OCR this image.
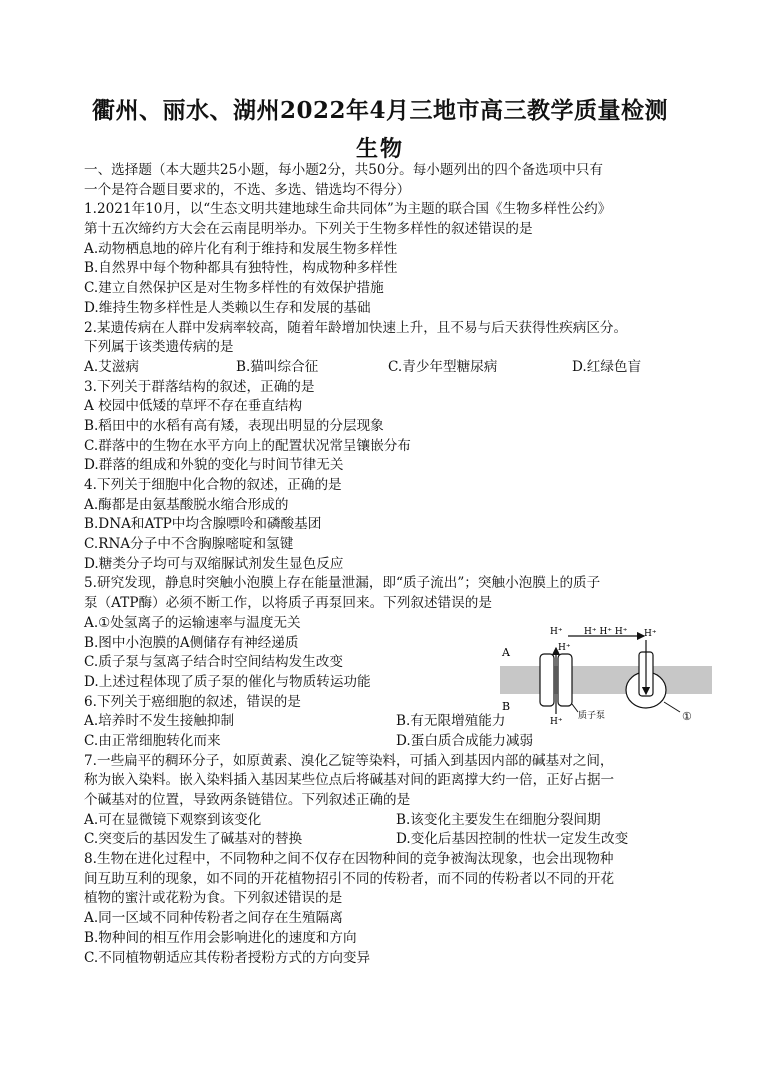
衢州、丽水、湖州2022年4月三地市高三教学质量检测
生物
一、选择题（本大题共25小题，每小题2分，共50分。每小题列出的四个备选项中只有
一个是符合题目要求的，不选、多选、错选均不得分）
1.2021年10月，以“生态文明共建地球生命共同体”为主题的联合国《生物多样性公约》
第十五次缔约方大会在云南昆明举办。下列关于生物多样性的叙述错误的是
A.动物栖息地的碎片化有利于维持和发展生物多样性
B.自然界中每个物种都具有独特性，构成物种多样性
C.建立自然保护区是对生物多样性的有效保护措施
D.维持生物多样性是人类赖以生存和发展的基础
2.某遗传病在人群中发病率较高，随着年龄增加快速上升，且不易与后天获得性疾病区分。
下列属于该类遗传病的是
A.艾滋病	B.猫叫综合征	C.青少年型糖尿病	D.红绿色盲
3.下列关于群落结构的叙述，正确的是
A 校园中低矮的草坪不存在垂直结构
B.稻田中的水稻有高有矮，表现出明显的分层现象
C.群落中的生物在水平方向上的配置状况常呈镶嵌分布
D.群落的组成和外貌的变化与时间节律无关
4.下列关于细胞中化合物的叙述，正确的是
A.酶都是由氨基酸脱水缩合形成的
B.DNA和ATP中均含腺嘌呤和磷酸基团
C.RNA分子中不含胸腺嘧啶和氢键
D.糖类分子均可与双缩脲试剂发生显色反应
5.研究发现，静息时突触小泡膜上存在能量泄漏，即“质子流出”；突触小泡膜上的质子
泵（ATP酶）必须不断工作，以将质子再泵回来。下列叙述错误的是
A.①处氢离子的运输速率与温度无关
B.图中小泡膜的A侧储存有神经递质
C.质子泵与氢离子结合时空间结构发生改变
D.上述过程体现了质子泵的催化与物质转运功能
6.下列关于癌细胞的叙述，错误的是
A.培养时不发生接触抑制	B.有无限增殖能力
C.由正常细胞转化而来	D.蛋白质合成能力减弱
7.一些扁平的稠环分子，如原黄素、溴化乙锭等染料，可插入到基因内部的碱基对之间，
称为嵌入染料。嵌入染料插入基因某些位点后将碱基对间的距离撑大约一倍，正好占据一
个碱基对的位置，导致两条链错位。下列叙述正确的是
A.可在显微镜下观察到该变化	B.该变化主要发生在细胞分裂间期
C.突变后的基因发生了碱基对的替换	D.变化后基因控制的性状一定发生改变
8.生物在进化过程中，不同物种之间不仅存在因物种间的竞争被淘汰现象，也会出现物种
间互助互利的现象，如不同的开花植物招引不同的传粉者，而不同的传粉者以不同的开花
植物的蜜汁或花粉为食。下列叙述错误的是
A.同一区域不同种传粉者之间存在生殖隔离
B.物种间的相互作用会影响进化的速度和方向
C.不同植物朝适应其传粉者授粉方式的方向变异
A
B
H⁺ H⁺ H⁺ H⁺ H⁺
H⁺
H⁺
质子泵	①
